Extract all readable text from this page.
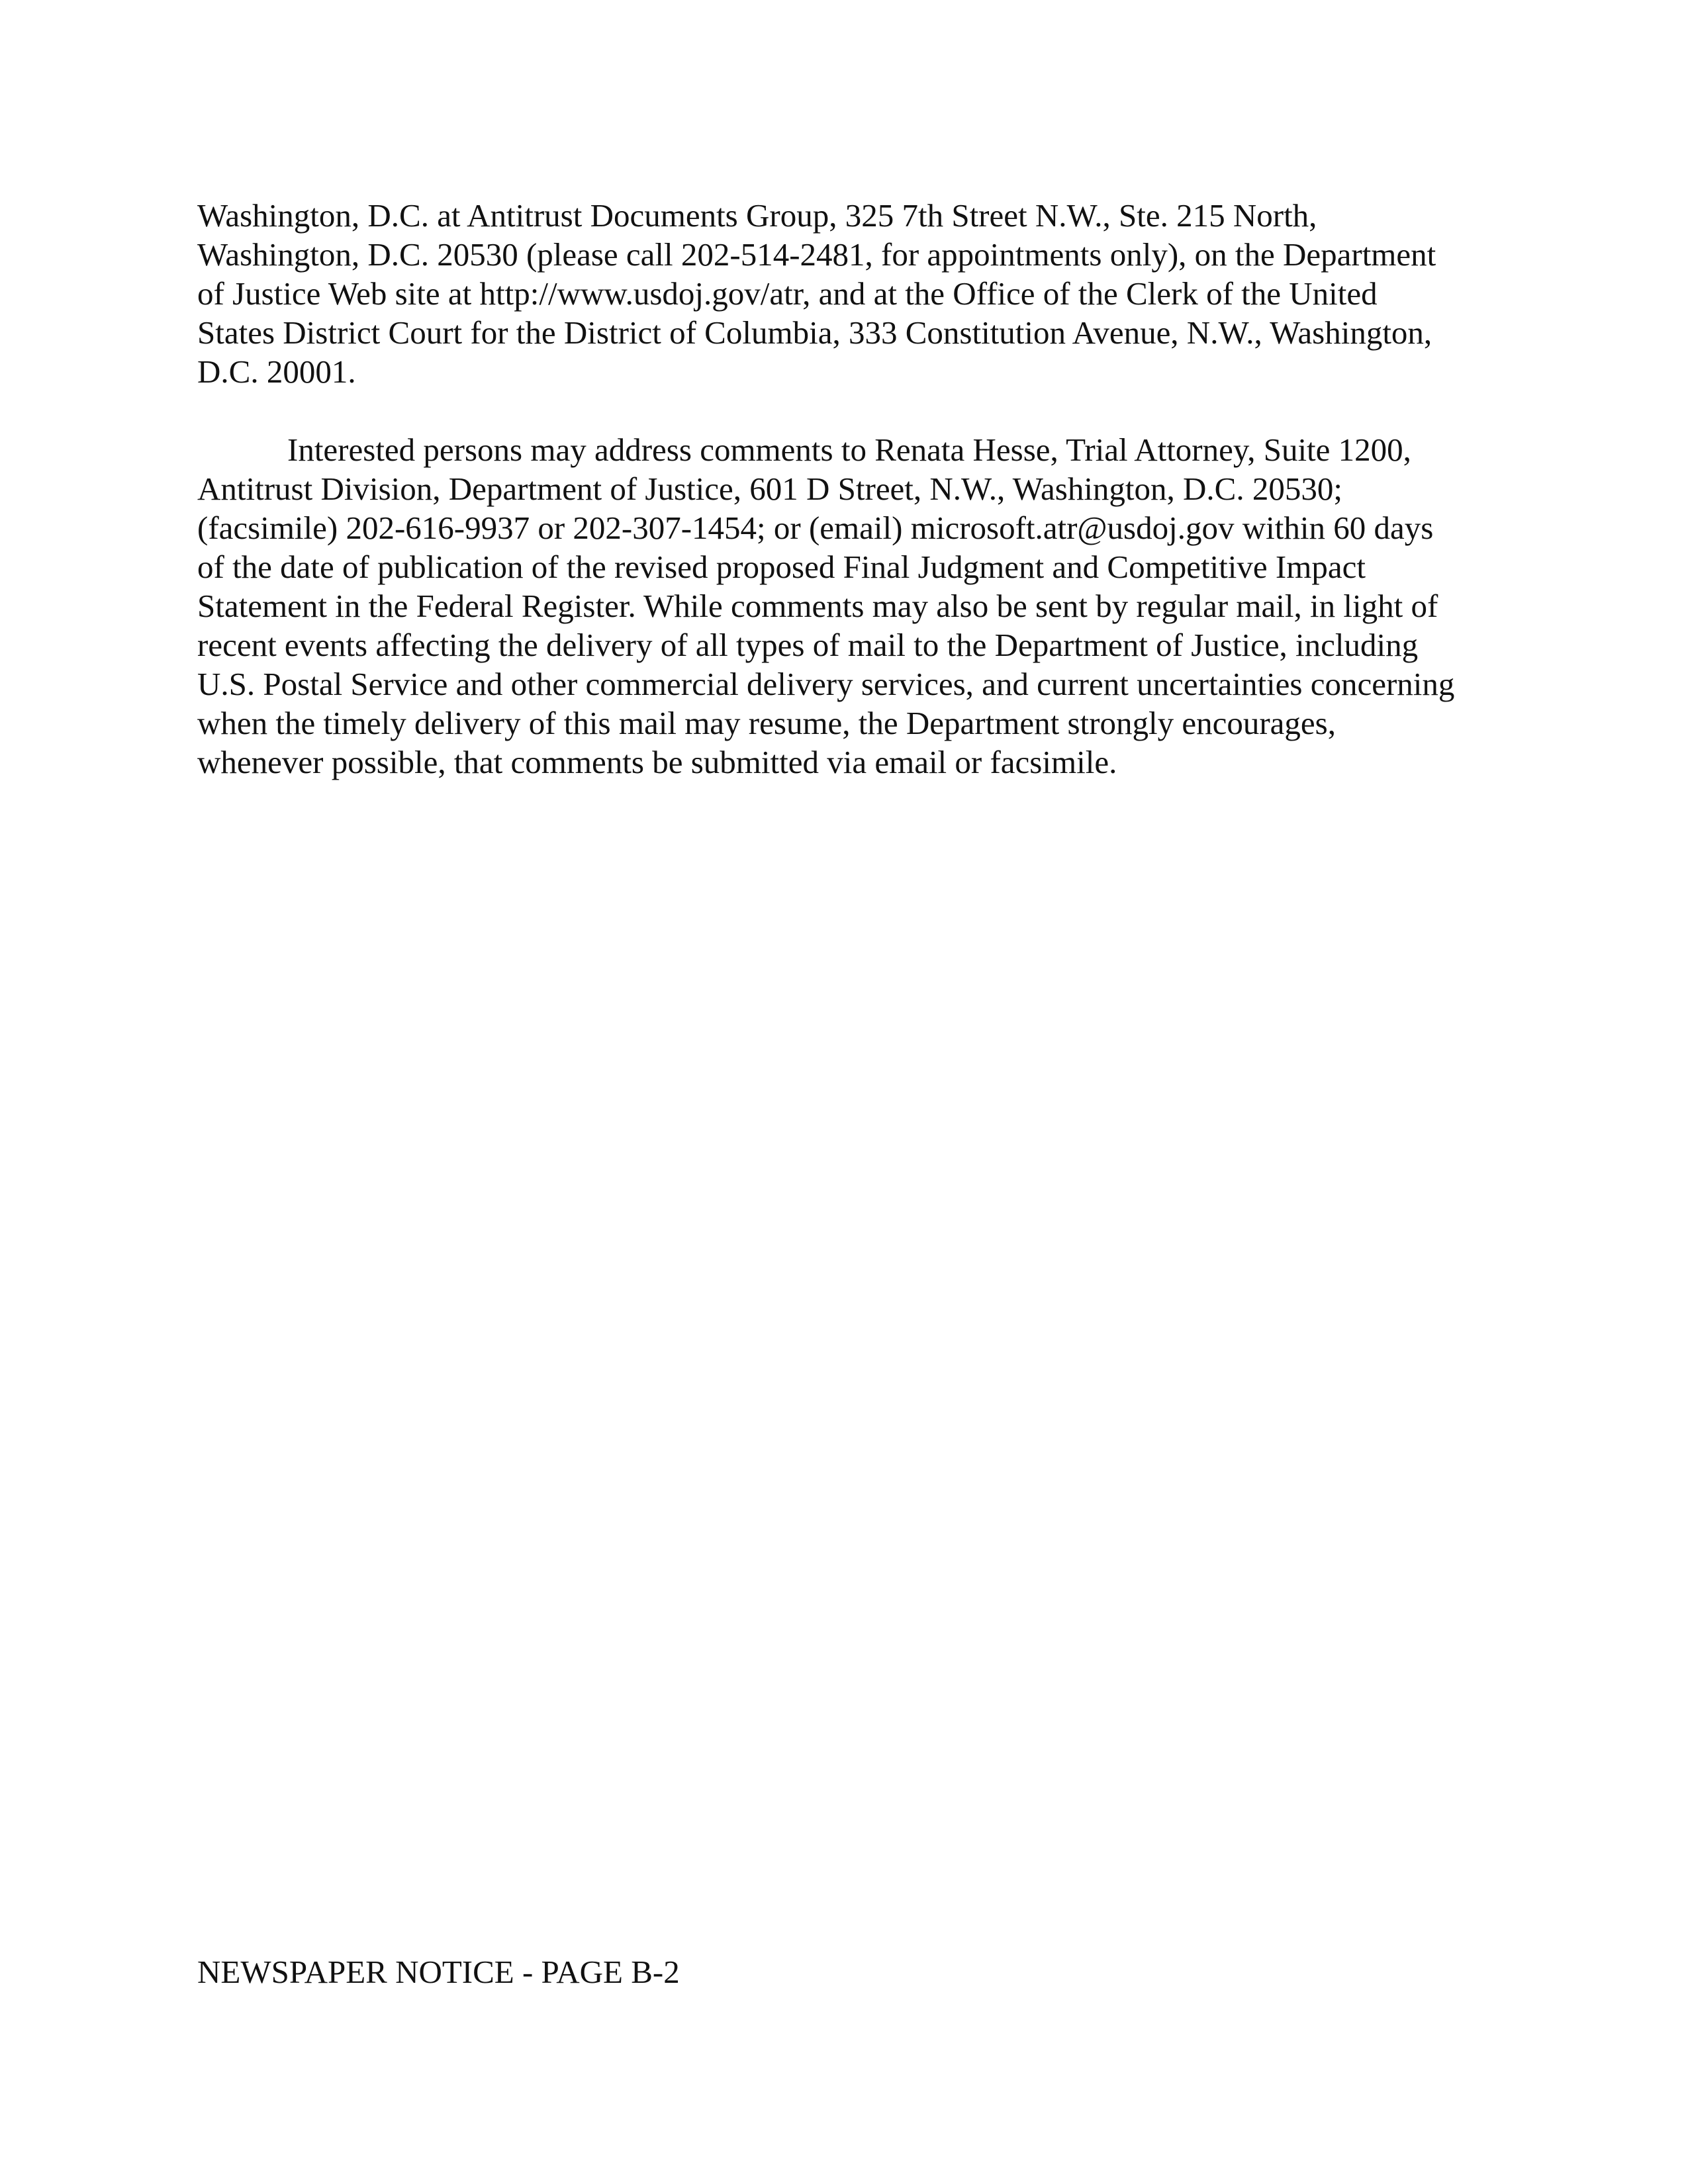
Washington, D.C. at Antitrust Documents Group, 325 7th Street N.W., Ste. 215 North,
Washington, D.C. 20530 (please call 202-514-2481, for appointments only), on the Department
of Justice Web site at http://www.usdoj.gov/atr, and at the Office of the Clerk of the United
States District Court for the District of Columbia, 333 Constitution Avenue, N.W., Washington,
D.C. 20001.
Interested persons may address comments to Renata Hesse, Trial Attorney, Suite 1200,
Antitrust Division, Department of Justice, 601 D Street, N.W., Washington, D.C. 20530;
(facsimile) 202-616-9937 or 202-307-1454; or (email) microsoft.atr@usdoj.gov within 60 days
of the date of publication of the revised proposed Final Judgment and Competitive Impact
Statement in the Federal Register. While comments may also be sent by regular mail, in light of
recent events affecting the delivery of all types of mail to the Department of Justice, including
U.S. Postal Service and other commercial delivery services, and current uncertainties concerning
when the timely delivery of this mail may resume, the Department strongly encourages,
whenever possible, that comments be submitted via email or facsimile.
NEWSPAPER NOTICE - PAGE B-2
